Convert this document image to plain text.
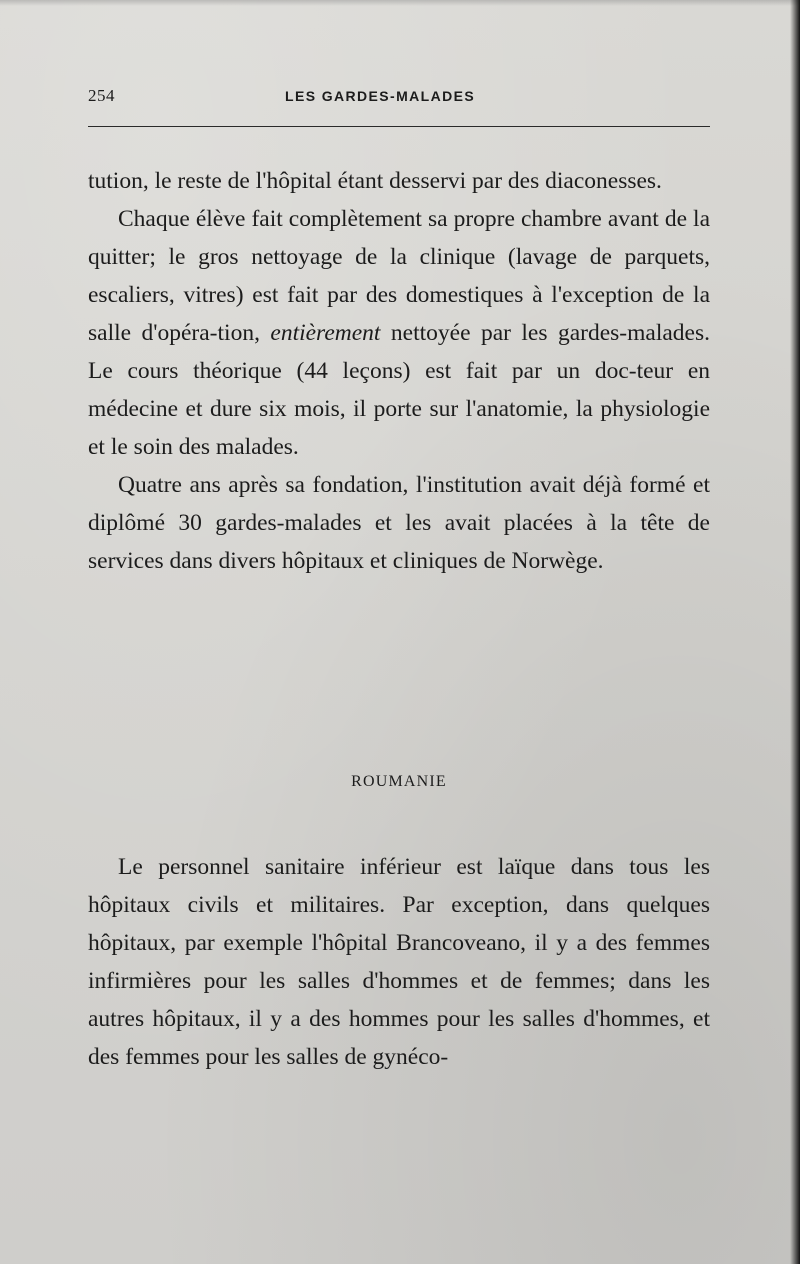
254	LES GARDES-MALADES

tution, le reste de l'hôpital étant desservi par des diaconesses.

Chaque élève fait complètement sa propre chambre avant de la quitter; le gros nettoyage de la clinique (lavage de parquets, escaliers, vitres) est fait par des domestiques à l'exception de la salle d'opéra-tion, entièrement nettoyée par les gardes-malades. Le cours théorique (44 leçons) est fait par un doc-teur en médecine et dure six mois, il porte sur l'anatomie, la physiologie et le soin des malades.

Quatre ans après sa fondation, l'institution avait déjà formé et diplômé 30 gardes-malades et les avait placées à la tête de services dans divers hôpitaux et cliniques de Norwège.

ROUMANIE

Le personnel sanitaire inférieur est laïque dans tous les hôpitaux civils et militaires. Par exception, dans quelques hôpitaux, par exemple l'hôpital Brancoveano, il y a des femmes infirmières pour les salles d'hommes et de femmes; dans les autres hôpitaux, il y a des hommes pour les salles d'hommes, et des femmes pour les salles de gynéco-
